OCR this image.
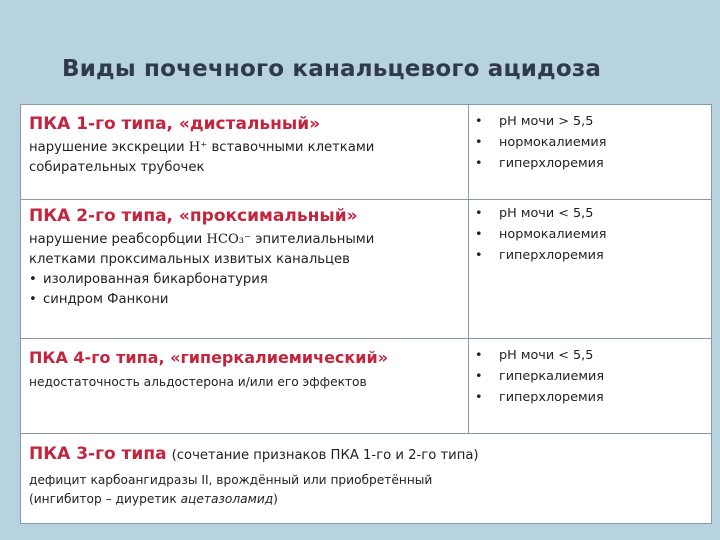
Виды почечного канальцевого ацидоза
ПКА 1-го типа, «дистальный»
нарушение экскреции H⁺ вставочными клетками
собирательных трубочек
• pH мочи > 5,5
• нормокалиемия
• гиперхлоремия
ПКА 2-го типа, «проксимальный»
нарушение реабсорбции HCO₃⁻ эпителиальными
клетками проксимальных извитых канальцев
• изолированная бикарбонатурия
• синдром Фанкони
• pH мочи < 5,5
• нормокалиемия
• гиперхлоремия
ПКА 4-го типа, «гиперкалиемический»
недостаточность альдостерона и/или его эффектов
• pH мочи < 5,5
• гиперкалиемия
• гиперхлоремия
ПКА 3-го типа (сочетание признаков ПКА 1-го и 2-го типа)
дефицит карбоангидразы II, врождённый или приобретённый
(ингибитор – диуретик ацетазоламид)
